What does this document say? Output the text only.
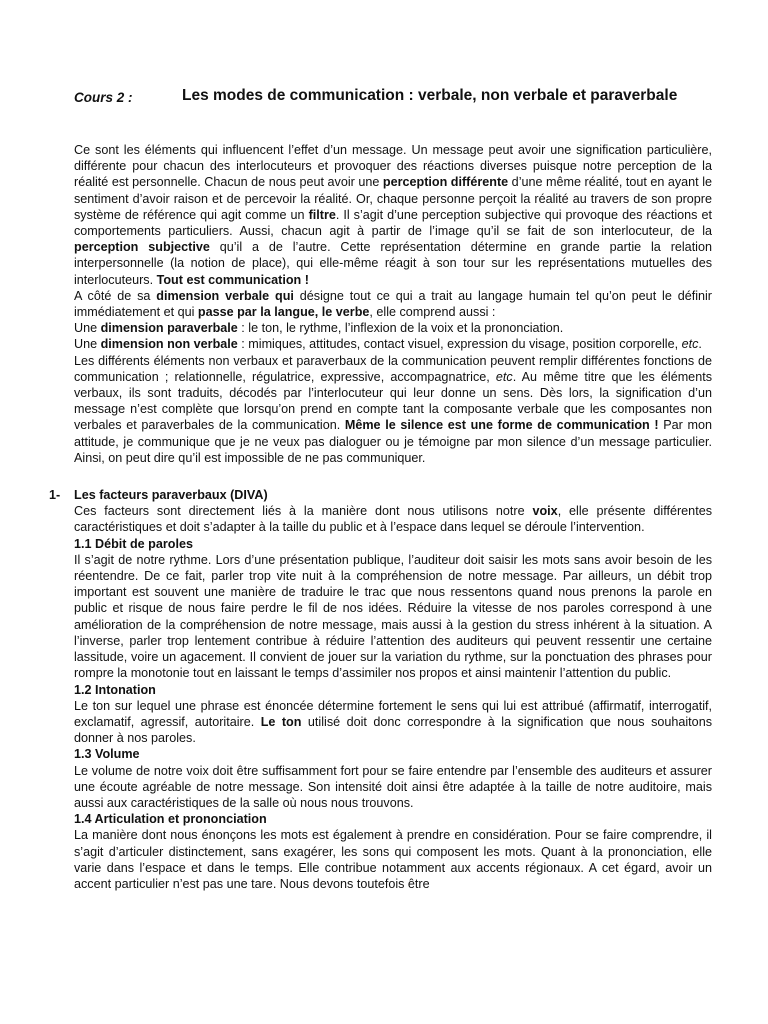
Cours 2 :	Les modes de communication : verbale, non verbale et paraverbale

Ce sont les éléments qui influencent l’effet d’un message. Un message peut avoir une signification particulière, différente pour chacun des interlocuteurs et provoquer des réactions diverses puisque notre perception de la réalité est personnelle. Chacun de nous peut avoir une perception différente d’une même réalité, tout en ayant le sentiment d’avoir raison et de percevoir la réalité. Or, chaque personne perçoit la réalité au travers de son propre système de référence qui agit comme un filtre. Il s’agit d’une perception subjective qui provoque des réactions et comportements particuliers. Aussi, chacun agit à partir de l’image qu’il se fait de son interlocuteur, de la perception subjective qu’il a de l’autre. Cette représentation détermine en grande partie la relation interpersonnelle (la notion de place), qui elle-même réagit à son tour sur les représentations mutuelles des interlocuteurs. Tout est communication !

A côté de sa dimension verbale qui désigne tout ce qui a trait au langage humain tel qu’on peut le définir immédiatement et qui passe par la langue, le verbe, elle comprend aussi :

Une dimension paraverbale : le ton, le rythme, l’inflexion de la voix et la prononciation.

Une dimension non verbale : mimiques, attitudes, contact visuel, expression du visage, position corporelle, etc.

Les différents éléments non verbaux et paraverbaux de la communication peuvent remplir différentes fonctions de communication ; relationnelle, régulatrice, expressive, accompagnatrice, etc. Au même titre que les éléments verbaux, ils sont traduits, décodés par l’interlocuteur qui leur donne un sens. Dès lors, la signification d’un message n’est complète que lorsqu’on prend en compte tant la composante verbale que les composantes non verbales et paraverbales de la communication. Même le silence est une forme de communication ! Par mon attitude, je communique que je ne veux pas dialoguer ou je témoigne par mon silence d’un message particulier. Ainsi, on peut dire qu’il est impossible de ne pas communiquer.

1- Les facteurs paraverbaux (DIVA)

Ces facteurs sont directement liés à la manière dont nous utilisons notre voix, elle présente différentes caractéristiques et doit s’adapter à la taille du public et à l’espace dans lequel se déroule l’intervention.

1.1 Débit de paroles

Il s’agit de notre rythme. Lors d’une présentation publique, l’auditeur doit saisir les mots sans avoir besoin de les réentendre. De ce fait, parler trop vite nuit à la compréhension de notre message. Par ailleurs, un débit trop important est souvent une manière de traduire le trac que nous ressentons quand nous prenons la parole en public et risque de nous faire perdre le fil de nos idées. Réduire la vitesse de nos paroles correspond à une amélioration de la compréhension de notre message, mais aussi à la gestion du stress inhérent à la situation. A l’inverse, parler trop lentement contribue à réduire l’attention des auditeurs qui peuvent ressentir une certaine lassitude, voire un agacement. Il convient de jouer sur la variation du rythme, sur la ponctuation des phrases pour rompre la monotonie tout en laissant le temps d’assimiler nos propos et ainsi maintenir l’attention du public.

1.2 Intonation

Le ton sur lequel une phrase est énoncée détermine fortement le sens qui lui est attribué (affirmatif, interrogatif, exclamatif, agressif, autoritaire. Le ton utilisé doit donc correspondre à la signification que nous souhaitons donner à nos paroles.

1.3 Volume

Le volume de notre voix doit être suffisamment fort pour se faire entendre par l’ensemble des auditeurs et assurer une écoute agréable de notre message. Son intensité doit ainsi être adaptée à la taille de notre auditoire, mais aussi aux caractéristiques de la salle où nous nous trouvons.

1.4 Articulation et prononciation

La manière dont nous énonçons les mots est également à prendre en considération. Pour se faire comprendre, il s’agit d’articuler distinctement, sans exagérer, les sons qui composent les mots. Quant à la prononciation, elle varie dans l’espace et dans le temps. Elle contribue notamment aux accents régionaux. A cet égard, avoir un accent particulier n’est pas une tare. Nous devons toutefois être
